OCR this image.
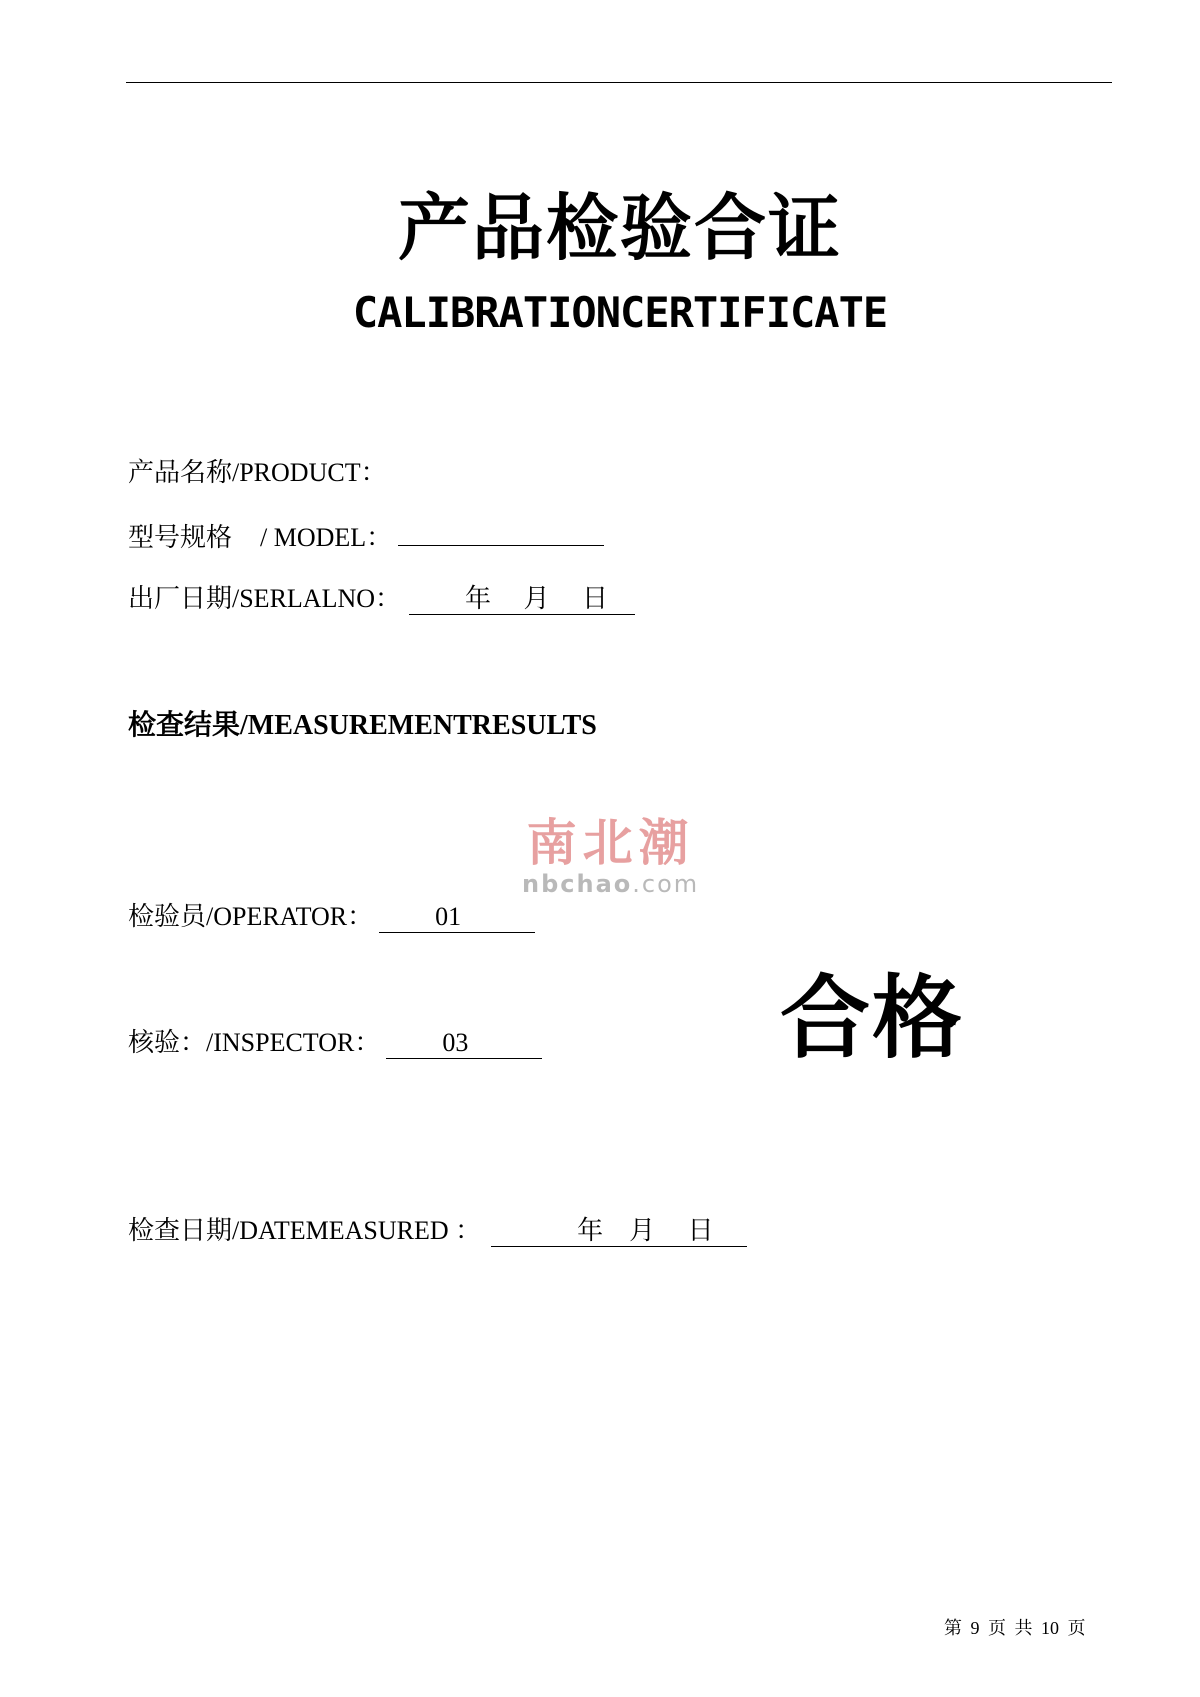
产品检验合证
CALIBRATIONCERTIFICATE
产品名称/PRODUCT：
型号规格 / MODEL：
出厂日期/SERLALNO： 年　 月　 日
检查结果/MEASUREMENTRESULTS
南北潮
nbchao.com
检验员/OPERATOR： 01
合格
核验：/INSPECTOR： 03
检查日期/DATEMEASURED ：	年　月　 日
第 9 页 共 10 页
